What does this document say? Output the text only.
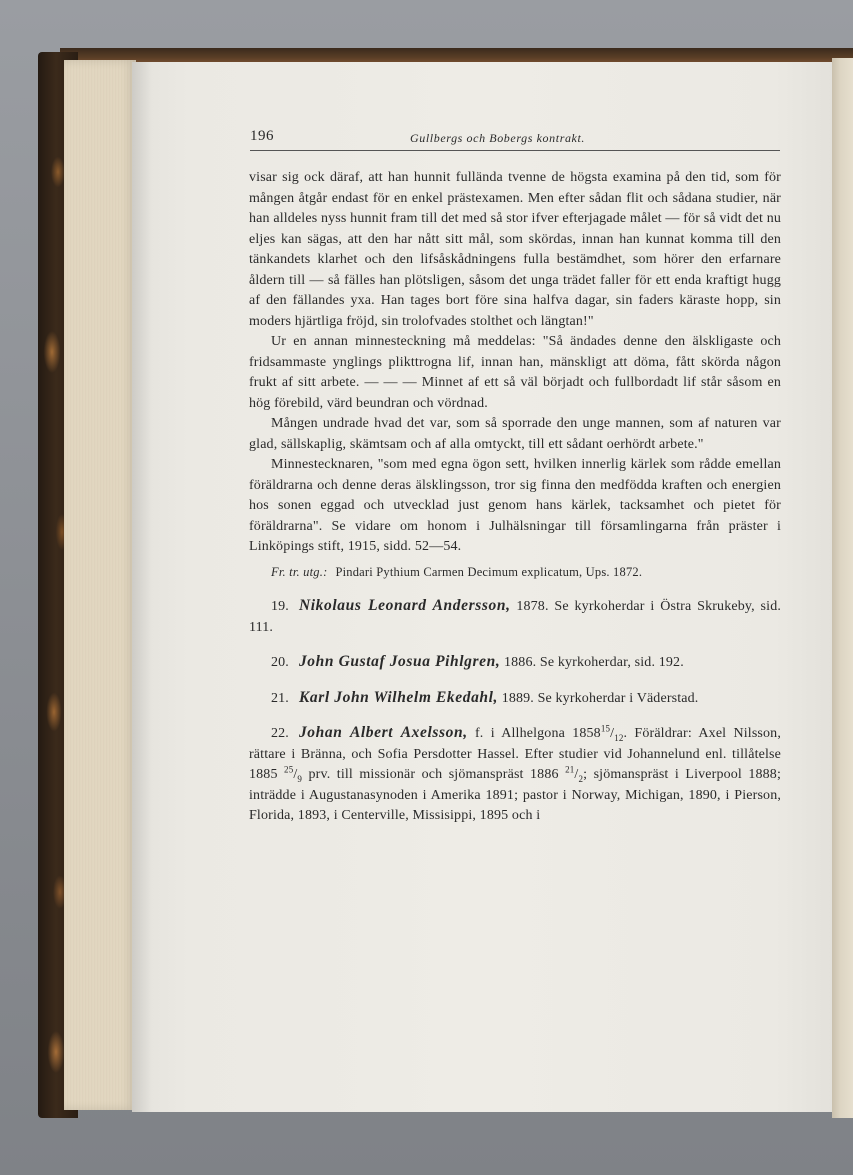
196	Gullbergs och Bobergs kontrakt.

visar sig ock däraf, att han hunnit fullända tvenne de högsta examina på den tid, som för mången åtgår endast för en enkel prästexamen. Men efter sådan flit och sådana studier, när han alldeles nyss hunnit fram till det med så stor ifver efterjagade målet — för så vidt det nu eljes kan sägas, att den har nått sitt mål, som skördas, innan han kunnat komma till den tänkandets klarhet och den lifsåskådningens fulla bestämdhet, som hörer den erfarnare åldern till — så fälles han plötsligen, såsom det unga trädet faller för ett enda kraftigt hugg af den fällandes yxa. Han tages bort före sina halfva dagar, sin faders käraste hopp, sin moders hjärtliga fröjd, sin trolofvades stolthet och längtan!"

Ur en annan minnesteckning må meddelas: "Så ändades denne den älskligaste och fridsammaste ynglings plikttrogna lif, innan han, mänskligt att döma, fått skörda någon frukt af sitt arbete. — — — Minnet af ett så väl börjadt och fullbordadt lif står såsom en hög förebild, värd beundran och vördnad.

Mången undrade hvad det var, som så sporrade den unge mannen, som af naturen var glad, sällskaplig, skämtsam och af alla omtyckt, till ett sådant oerhördt arbete."

Minnestecknaren, "som med egna ögon sett, hvilken innerlig kärlek som rådde emellan föräldrarna och denne deras älsklingsson, tror sig finna den medfödda kraften och energien hos sonen eggad och utvecklad just genom hans kärlek, tacksamhet och pietet för föräldrarna". Se vidare om honom i Julhälsningar till församlingarna från präster i Linköpings stift, 1915, sidd. 52—54.

Fr. tr. utg.: Pindari Pythium Carmen Decimum explicatum, Ups. 1872.

19. Nikolaus Leonard Andersson, 1878. Se kyrkoherdar i Östra Skrukeby, sid. 111.

20. John Gustaf Josua Pihlgren, 1886. Se kyrkoherdar, sid. 192.

21. Karl John Wilhelm Ekedahl, 1889. Se kyrkoherdar i Väderstad.

22. Johan Albert Axelsson, f. i Allhelgona $1858^{15}/_{12}$. Föräldrar: Axel Nilsson, rättare i Bränna, och Sofia Persdotter Hassel. Efter studier vid Johannelund enl. tillåtelse 1885 $^{25}/_9$ prv. till missionär och sjömanspräst 1886 $^{21}/_2$; sjömanspräst i Liverpool 1888; inträdde i Augustanasynoden i Amerika 1891; pastor i Norway, Michigan, 1890, i Pierson, Florida, 1893, i Centerville, Missisippi, 1895 och i
